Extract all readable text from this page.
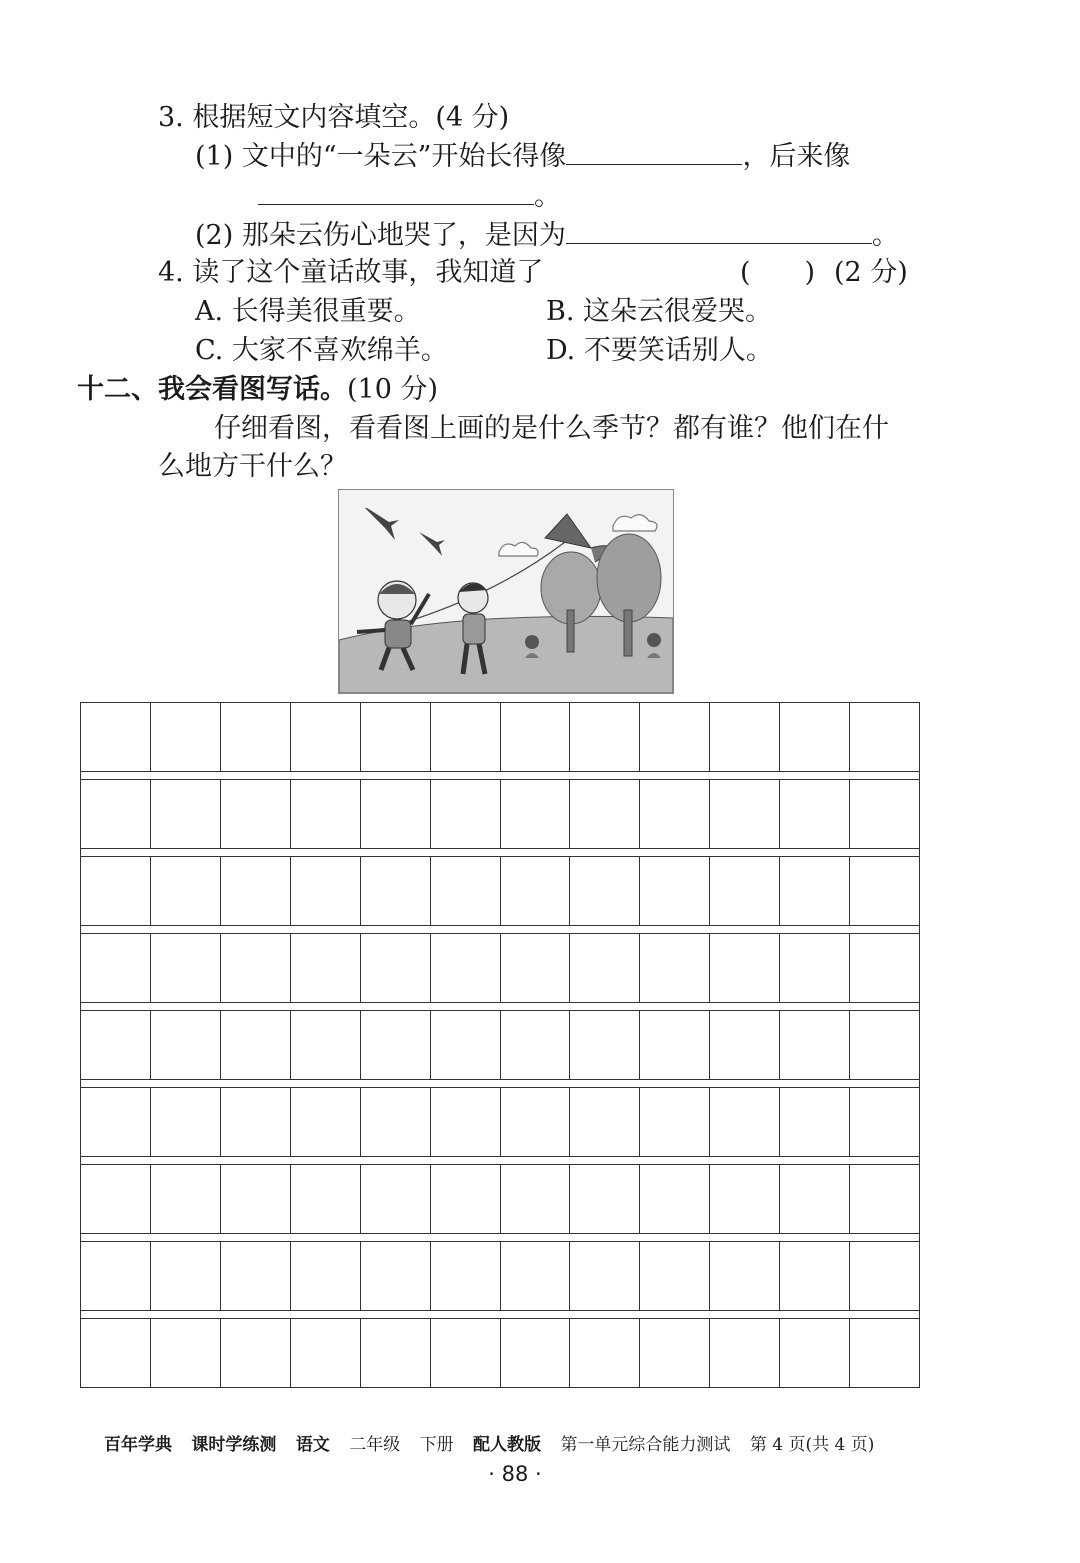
3. 根据短文内容填空。(4 分)
(1) 文中的“一朵云”开始长得像	，后来像
。
(2) 那朵云伤心地哭了，是因为	。
4. 读了这个童话故事，我知道了	(　　) (2 分)
A. 长得美很重要。	B. 这朵云很爱哭。
C. 大家不喜欢绵羊。	D. 不要笑话别人。
十二、我会看图写话。(10 分)
仔细看图，看看图上画的是什么季节？都有谁？他们在什
么地方干什么？
百年学典 课时学练测 语文 二年级 下册 配人教版 第一单元综合能力测试 第 4 页(共 4 页)
· 88 ·
